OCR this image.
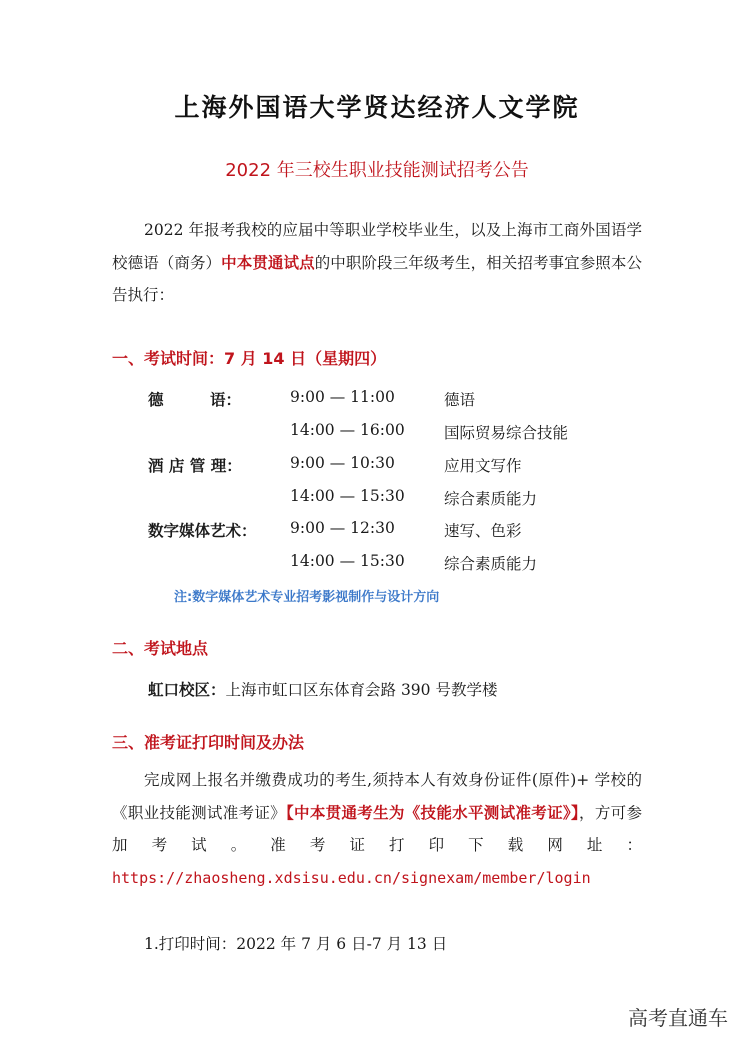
上海外国语大学贤达经济人文学院
2022 年三校生职业技能测试招考公告
2022 年报考我校的应届中等职业学校毕业生，以及上海市工商外国语学校德语（商务）中本贯通试点的中职阶段三年级考生，相关招考事宜参照本公告执行：
一、考试时间：7 月 14 日（星期四）
德　　　语：	9:00 — 11:00	德语
14:00 — 16:00	国际贸易综合技能
酒 店 管 理：	9:00 — 10:30	应用文写作
14:00 — 15:30	综合素质能力
数字媒体艺术： 9:00 — 12:30	速写、色彩
14:00 — 15:30	综合素质能力
注:数字媒体艺术专业招考影视制作与设计方向
二、考试地点
虹口校区：上海市虹口区东体育会路 390 号教学楼
三、准考证打印时间及办法
完成网上报名并缴费成功的考生,须持本人有效身份证件(原件)+ 学校的《职业技能测试准考证》【中本贯通考生为《技能水平测试准考证》】，方可参加考试。准考证打印下载网址：https://zhaosheng.xdsisu.edu.cn/signexam/member/login
1.打印时间：2022 年 7 月 6 日-7 月 13 日
高考直通车
